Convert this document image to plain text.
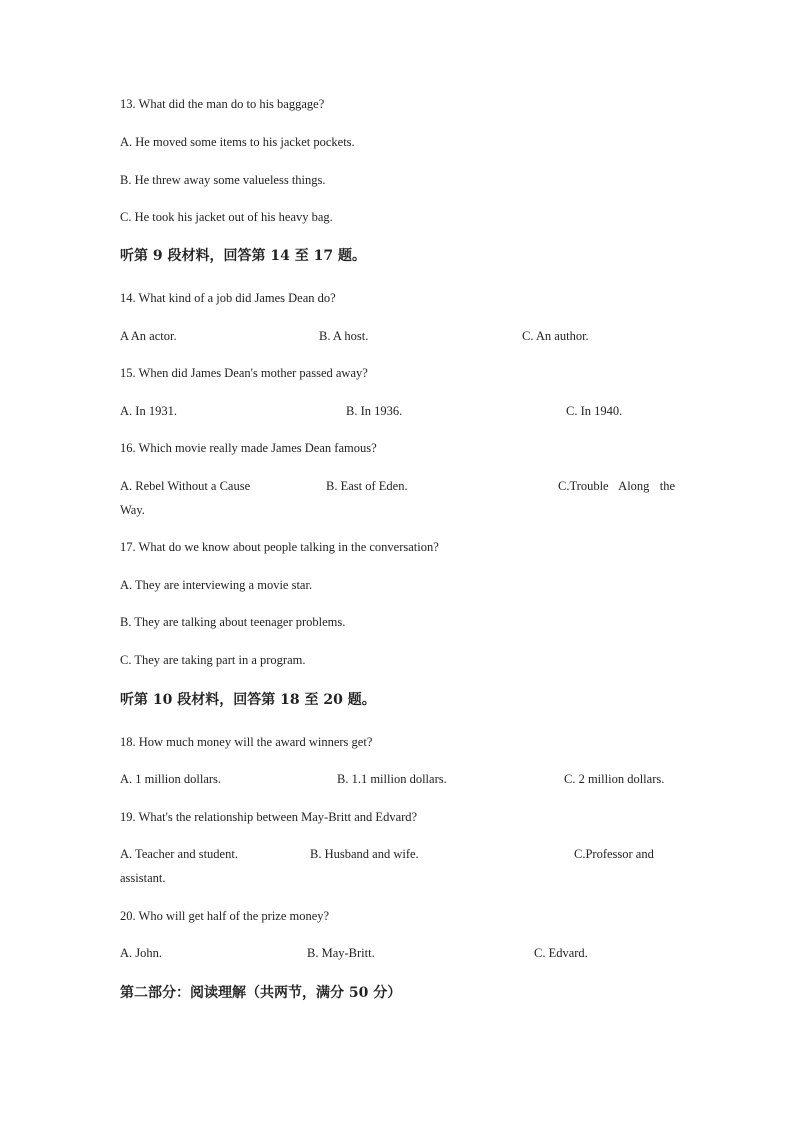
13. What did the man do to his baggage?
A. He moved some items to his jacket pockets.
B. He threw away some valueless things.
C. He took his jacket out of his heavy bag.
听第 9 段材料，回答第 14 至 17 题。
14. What kind of a job did James Dean do?
A An actor.	B. A host.	C. An author.
15. When did James Dean's mother passed away?
A. In 1931.	B. In 1936.	C. In 1940.
16. Which movie really made James Dean famous?
A. Rebel Without a Cause	B. East of Eden.	C.Trouble Along the
Way.
17. What do we know about people talking in the conversation?
A. They are interviewing a movie star.
B. They are talking about teenager problems.
C. They are taking part in a program.
听第 10 段材料，回答第 18 至 20 题。
18. How much money will the award winners get?
A. 1 million dollars.	B. 1.1 million dollars.	C. 2 million dollars.
19. What's the relationship between May-Britt and Edvard?
A. Teacher and student.	B. Husband and wife.	C.Professor and
assistant.
20. Who will get half of the prize money?
A. John.	B. May-Britt.	C. Edvard.
第二部分：阅读理解（共两节，满分 50 分）
